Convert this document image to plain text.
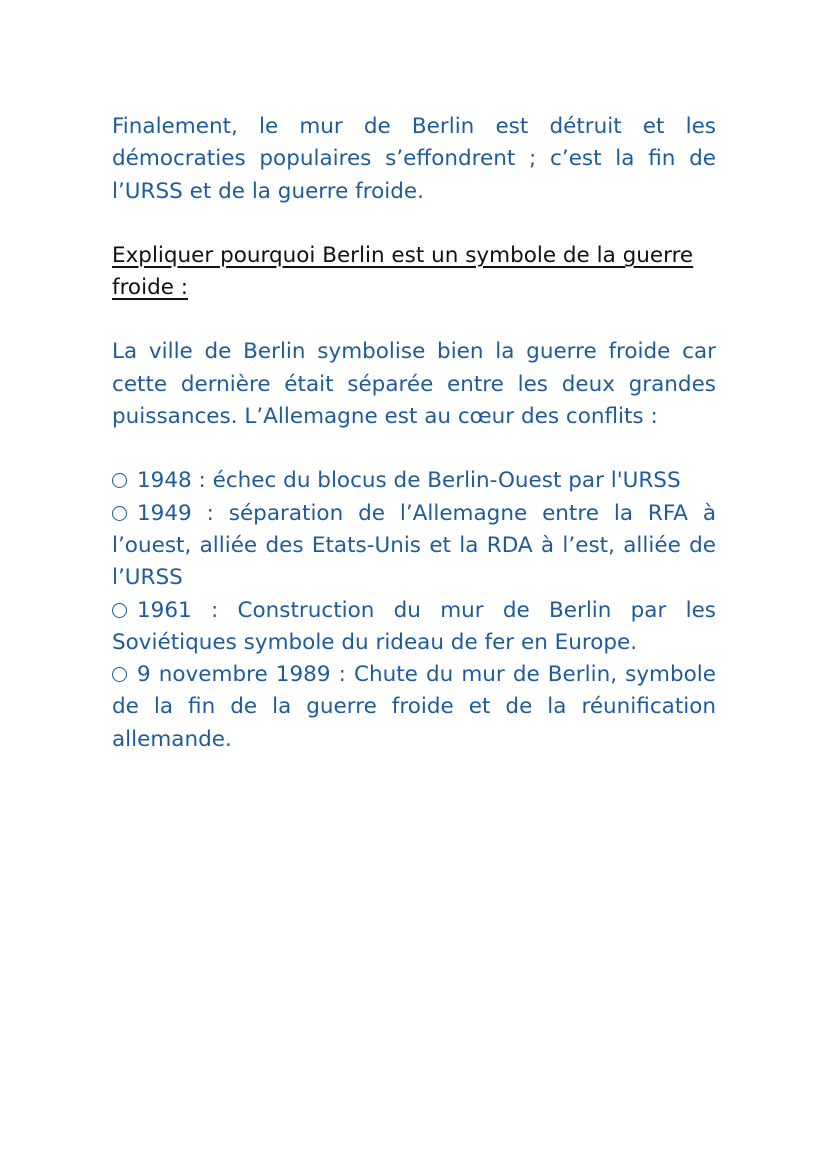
Finalement, le mur de Berlin est détruit et les démocraties populaires s’effondrent ; c’est la fin de l’URSS et de la guerre froide.

Expliquer pourquoi Berlin est un symbole de la guerre froide :

La ville de Berlin symbolise bien la guerre froide car cette dernière était séparée entre les deux grandes puissances. L’Allemagne est au cœur des conflits :

1948 : échec du blocus de Berlin-Ouest par l'URSS
1949 : séparation de l’Allemagne entre la RFA à l’ouest, alliée des Etats-Unis et la RDA à l’est, alliée de l’URSS
1961 : Construction du mur de Berlin par les Soviétiques symbole du rideau de fer en Europe.
9 novembre 1989 : Chute du mur de Berlin, symbole de la fin de la guerre froide et de la réunification allemande.
